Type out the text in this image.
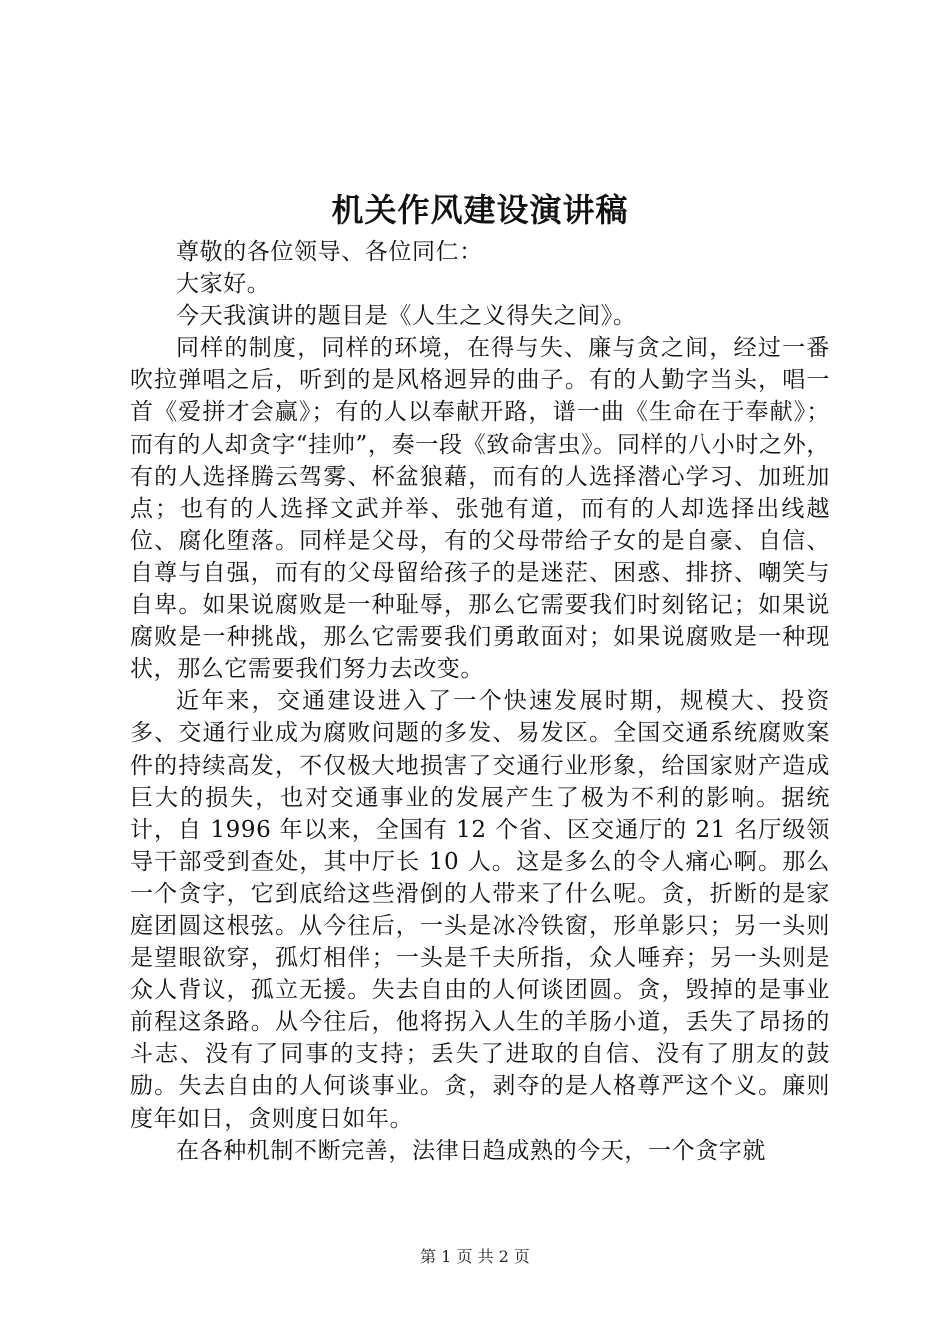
机关作风建设演讲稿

尊敬的各位领导、各位同仁：

大家好。

今天我演讲的题目是《人生之义得失之间》。

同样的制度，同样的环境，在得与失、廉与贪之间，经过一番吹拉弹唱之后，听到的是风格迥异的曲子。有的人勤字当头，唱一首《爱拼才会赢》；有的人以奉献开路，谱一曲《生命在于奉献》；而有的人却贪字“挂帅”，奏一段《致命害虫》。同样的八小时之外，有的人选择腾云驾雾、杯盆狼藉，而有的人选择潜心学习、加班加点；也有的人选择文武并举、张弛有道，而有的人却选择出线越位、腐化堕落。同样是父母，有的父母带给子女的是自豪、自信、自尊与自强，而有的父母留给孩子的是迷茫、困惑、排挤、嘲笑与自卑。如果说腐败是一种耻辱，那么它需要我们时刻铭记；如果说腐败是一种挑战，那么它需要我们勇敢面对；如果说腐败是一种现状，那么它需要我们努力去改变。

近年来，交通建设进入了一个快速发展时期，规模大、投资多、交通行业成为腐败问题的多发、易发区。全国交通系统腐败案件的持续高发，不仅极大地损害了交通行业形象，给国家财产造成巨大的损失，也对交通事业的发展产生了极为不利的影响。据统计，自 1996 年以来，全国有 12 个省、区交通厅的 21 名厅级领导干部受到查处，其中厅长 10 人。这是多么的令人痛心啊。那么一个贪字，它到底给这些滑倒的人带来了什么呢。贪，折断的是家庭团圆这根弦。从今往后，一头是冰冷铁窗，形单影只；另一头则是望眼欲穿，孤灯相伴；一头是千夫所指，众人唾弃；另一头则是众人背议，孤立无援。失去自由的人何谈团圆。贪，毁掉的是事业前程这条路。从今往后，他将拐入人生的羊肠小道，丢失了昂扬的斗志、没有了同事的支持；丢失了进取的自信、没有了朋友的鼓励。失去自由的人何谈事业。贪，剥夺的是人格尊严这个义。廉则度年如日，贪则度日如年。

在各种机制不断完善，法律日趋成熟的今天，一个贪字就

第 1 页 共 2 页
